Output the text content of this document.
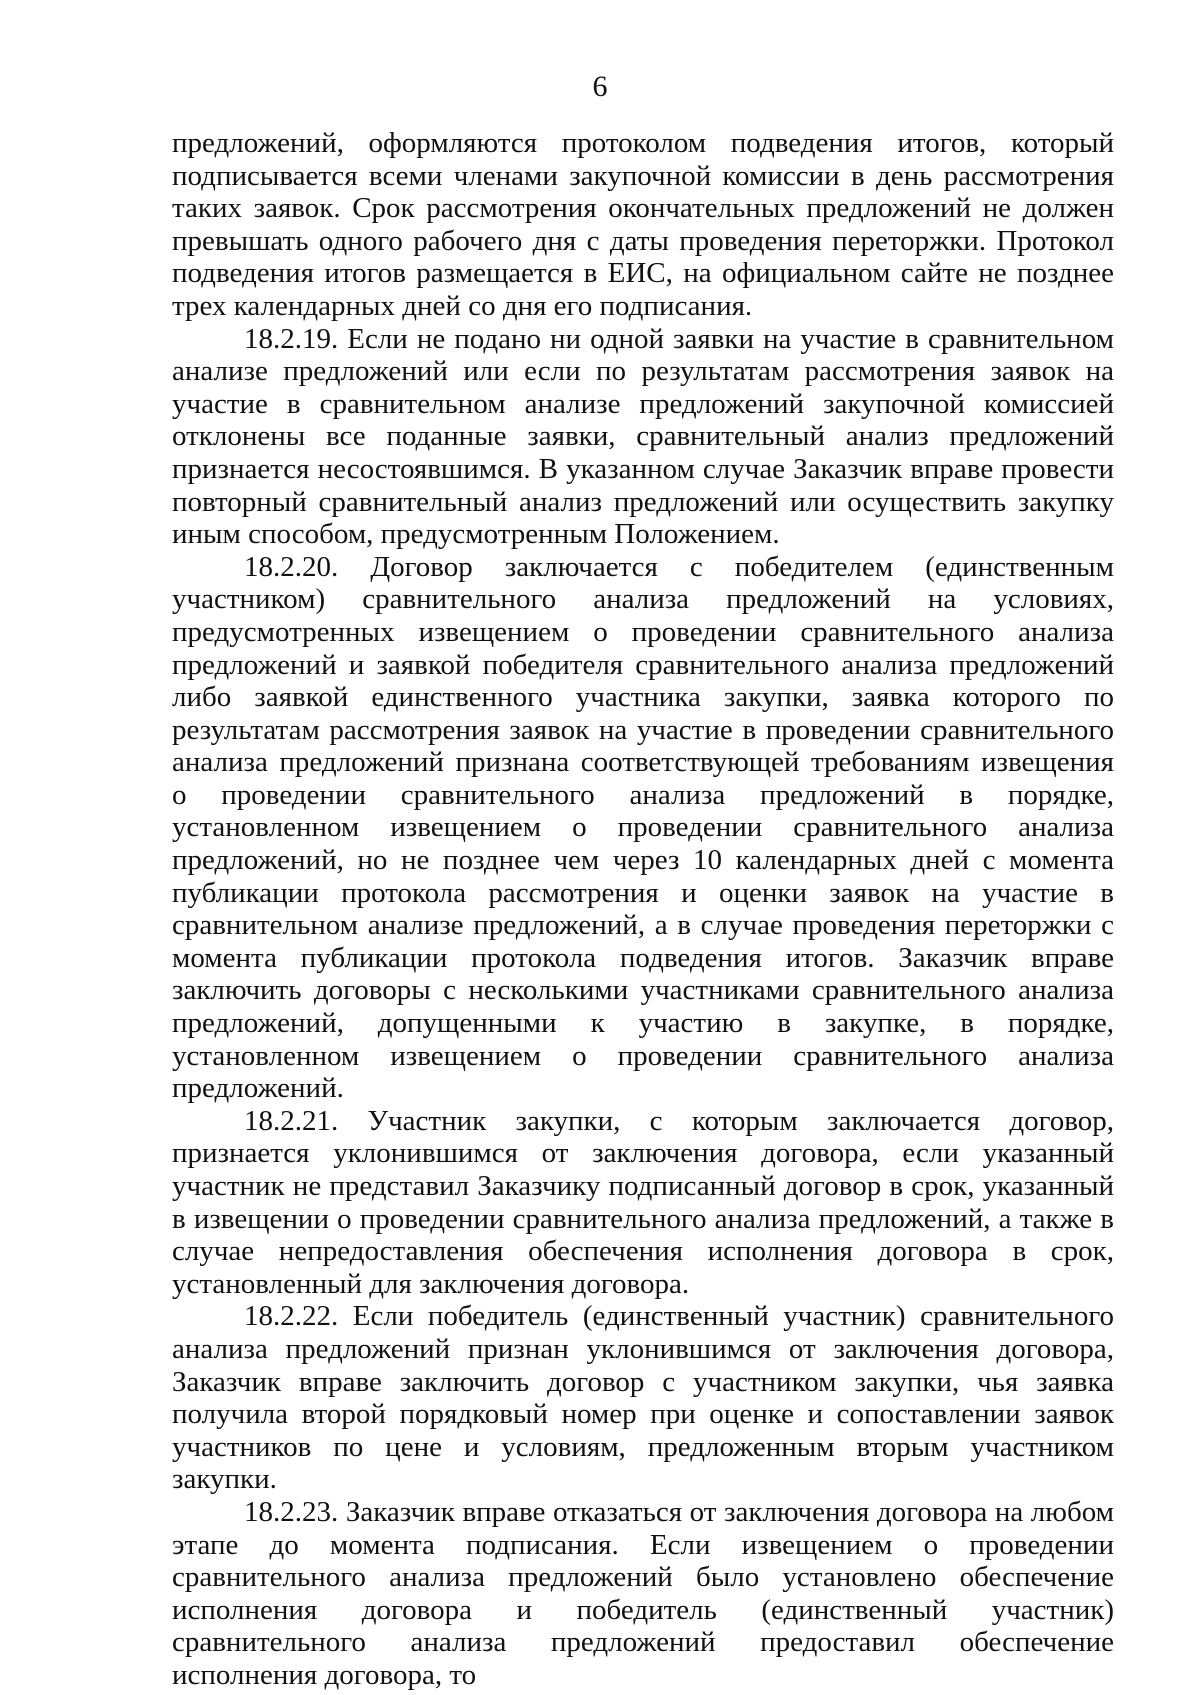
6

предложений, оформляются протоколом подведения итогов, который подписывается всеми членами закупочной комиссии в день рассмотрения таких заявок. Срок рассмотрения окончательных предложений не должен превышать одного рабочего дня с даты проведения переторжки. Протокол подведения итогов размещается в ЕИС, на официальном сайте не позднее трех календарных дней со дня его подписания.

18.2.19. Если не подано ни одной заявки на участие в сравнительном анализе предложений или если по результатам рассмотрения заявок на участие в сравнительном анализе предложений закупочной комиссией отклонены все поданные заявки, сравнительный анализ предложений признается несостоявшимся. В указанном случае Заказчик вправе провести повторный сравнительный анализ предложений или осуществить закупку иным способом, предусмотренным Положением.

18.2.20. Договор заключается с победителем (единственным участником) сравнительного анализа предложений на условиях, предусмотренных извещением о проведении сравнительного анализа предложений и заявкой победителя сравнительного анализа предложений либо заявкой единственного участника закупки, заявка которого по результатам рассмотрения заявок на участие в проведении сравнительного анализа предложений признана соответствующей требованиям извещения о проведении сравнительного анализа предложений в порядке, установленном извещением о проведении сравнительного анализа предложений, но не позднее чем через 10 календарных дней с момента публикации протокола рассмотрения и оценки заявок на участие в сравнительном анализе предложений, а в случае проведения переторжки с момента публикации протокола подведения итогов. Заказчик вправе заключить договоры с несколькими участниками сравнительного анализа предложений, допущенными к участию в закупке, в порядке, установленном извещением о проведении сравнительного анализа предложений.

18.2.21. Участник закупки, с которым заключается договор, признается уклонившимся от заключения договора, если указанный участник не представил Заказчику подписанный договор в срок, указанный в извещении о проведении сравнительного анализа предложений, а также в случае непредоставления обеспечения исполнения договора в срок, установленный для заключения договора.

18.2.22. Если победитель (единственный участник) сравнительного анализа предложений признан уклонившимся от заключения договора, Заказчик вправе заключить договор с участником закупки, чья заявка получила второй порядковый номер при оценке и сопоставлении заявок участников по цене и условиям, предложенным вторым участником закупки.

18.2.23. Заказчик вправе отказаться от заключения договора на любом этапе до момента подписания. Если извещением о проведении сравнительного анализа предложений было установлено обеспечение исполнения договора и победитель (единственный участник) сравнительного анализа предложений предоставил обеспечение исполнения договора, то
